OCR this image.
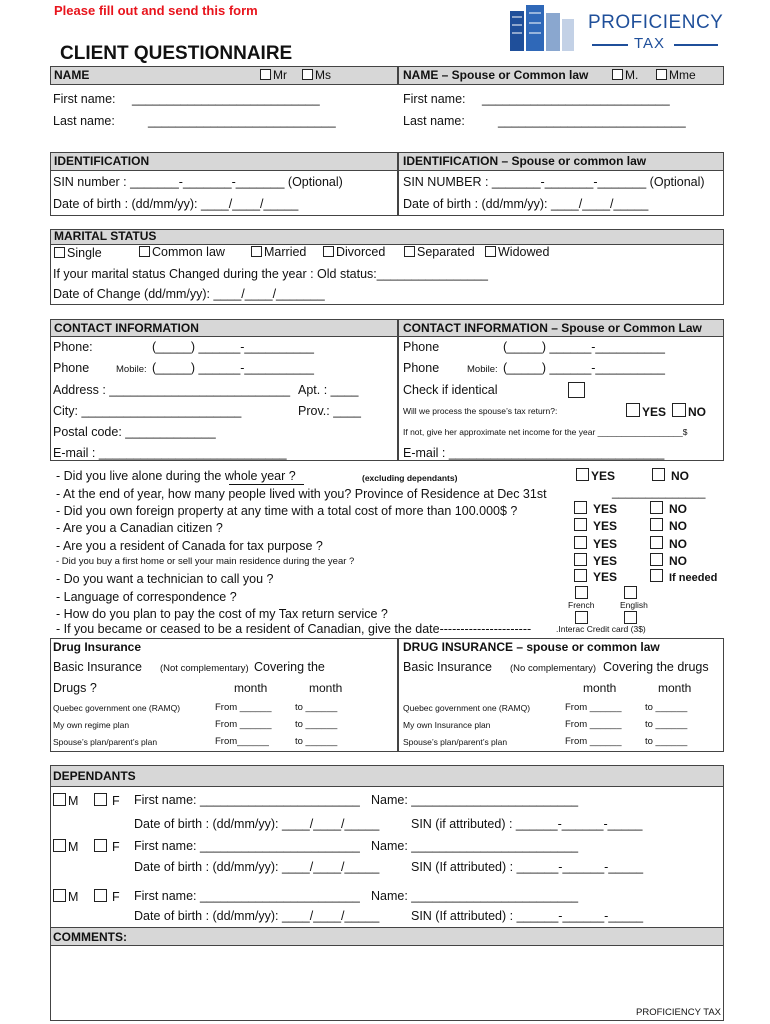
Please fill out and send this form
CLIENT QUESTIONNAIRE
PROFICIENCY
TAX
NAME	Mr	Ms
First name: ___________________________
Last name:	___________________________
NAME – Spouse or Common law	M.	Mme
First name: ___________________________
Last name:	___________________________
IDENTIFICATION
SIN number : _______-_______-_______ (Optional)
Date of birth : (dd/mm/yy): ____/____/_____
IDENTIFICATION – Spouse or common law
SIN NUMBER : _______-_______-_______ (Optional)
Date of birth : (dd/mm/yy): ____/____/_____
MARITAL STATUS
Single	Common law	Married	Divorced	Separated	Widowed
If your marital status Changed during the year : Old status:________________
Date of Change (dd/mm/yy): ____/____/_______
CONTACT INFORMATION
Phone:	(_____) ______-__________
Phone	Mobile: (_____) ______-__________
Address : __________________________ Apt. : ____
City: _______________________	Prov.: ____
Postal code: _____________
E-mail : ___________________________
CONTACT INFORMATION – Spouse or Common Law
Phone	(_____) ______-__________
Phone	Mobile: (_____) ______-__________
Check if identical
Will we process the spouse’s tax return?:	YES	NO
If not, give her approximate net income for the year __________________$
E-mail : _______________________________
- Did you live alone during the whole year ?	(excluding dependants)	YES	NO
- At the end of year, how many people lived with you? Province of Residence at Dec 31st	______________
- Did you own foreign property at any time with a total cost of more than 100.000$ ?	YES	NO
- Are you a Canadian citizen ?	YES	NO
- Are you a resident of Canada for tax purpose ?	YES	NO
- Did you buy a first home or sell your main residence during the year ?	YES	NO
- Do you want a technician to call you ?	YES	If needed
- Language of correspondence ?
French	English
- How do you plan to pay the cost of my Tax return service ?
- If you became or ceased to be a resident of Canadian, give the date----------------------	.Interac Credit card (3$)
Drug Insurance
Basic Insurance (Not complementary) Covering the
Drugs ?	month	month
Quebec government one (RAMQ)	From ______ to ______
My own regime plan	From ______ to ______
Spouse’s plan/parent’s plan	From______	to ______
DRUG INSURANCE – spouse or common law
Basic Insurance (No complementary) Covering the drugs
month	month
Quebec government one (RAMQ)	From ______ to ______
My own Insurance plan	From ______ to ______
Spouse’s plan/parent’s plan	From ______ to ______
DEPENDANTS
M	F First name: _______________________ Name: ________________________
Date of birth : (dd/mm/yy): ____/____/_____	SIN (if attributed) : ______-______-_____
M	F First name: _______________________ Name: ________________________
Date of birth : (dd/mm/yy): ____/____/_____	SIN (If attributed) : ______-______-_____
M	F First name: _______________________ Name: ________________________
Date of birth : (dd/mm/yy): ____/____/_____	SIN (If attributed) : ______-______-_____
COMMENTS:
PROFICIENCY TAX
